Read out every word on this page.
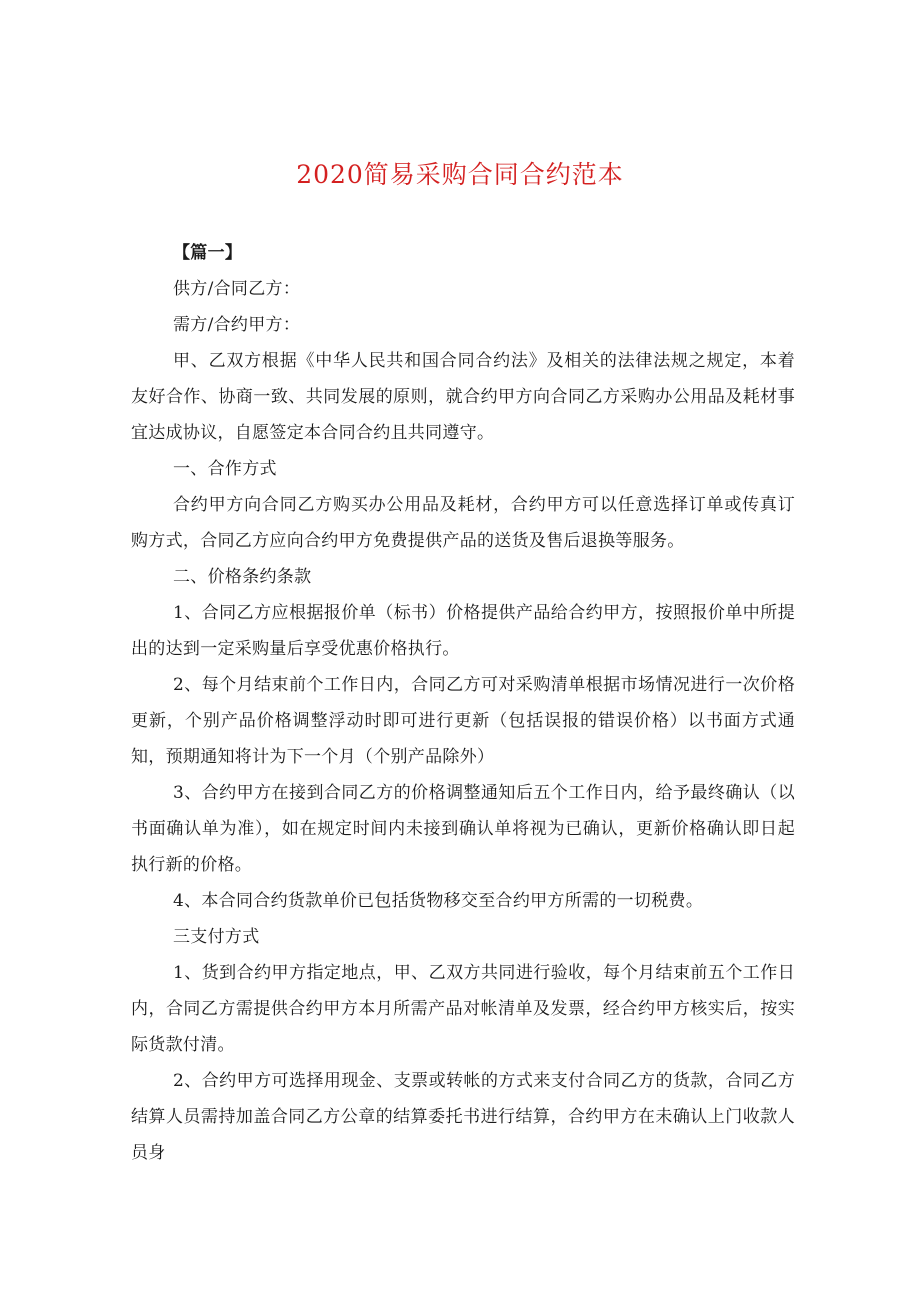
2020简易采购合同合约范本

【篇一】

供方/合同乙方：

需方/合约甲方：

甲、乙双方根据《中华人民共和国合同合约法》及相关的法律法规之规定，本着友好合作、协商一致、共同发展的原则，就合约甲方向合同乙方采购办公用品及耗材事宜达成协议，自愿签定本合同合约且共同遵守。

一、合作方式

合约甲方向合同乙方购买办公用品及耗材，合约甲方可以任意选择订单或传真订购方式，合同乙方应向合约甲方免费提供产品的送货及售后退换等服务。

二、价格条约条款

1、合同乙方应根据报价单（标书）价格提供产品给合约甲方，按照报价单中所提出的达到一定采购量后享受优惠价格执行。

2、每个月结束前个工作日内，合同乙方可对采购清单根据市场情况进行一次价格更新，个别产品价格调整浮动时即可进行更新（包括误报的错误价格）以书面方式通知，预期通知将计为下一个月（个别产品除外）

3、合约甲方在接到合同乙方的价格调整通知后五个工作日内，给予最终确认（以书面确认单为准），如在规定时间内未接到确认单将视为已确认，更新价格确认即日起执行新的价格。

4、本合同合约货款单价已包括货物移交至合约甲方所需的一切税费。

三支付方式

1、货到合约甲方指定地点，甲、乙双方共同进行验收，每个月结束前五个工作日内，合同乙方需提供合约甲方本月所需产品对帐清单及发票，经合约甲方核实后，按实际货款付清。

2、合约甲方可选择用现金、支票或转帐的方式来支付合同乙方的货款，合同乙方结算人员需持加盖合同乙方公章的结算委托书进行结算，合约甲方在未确认上门收款人员身
